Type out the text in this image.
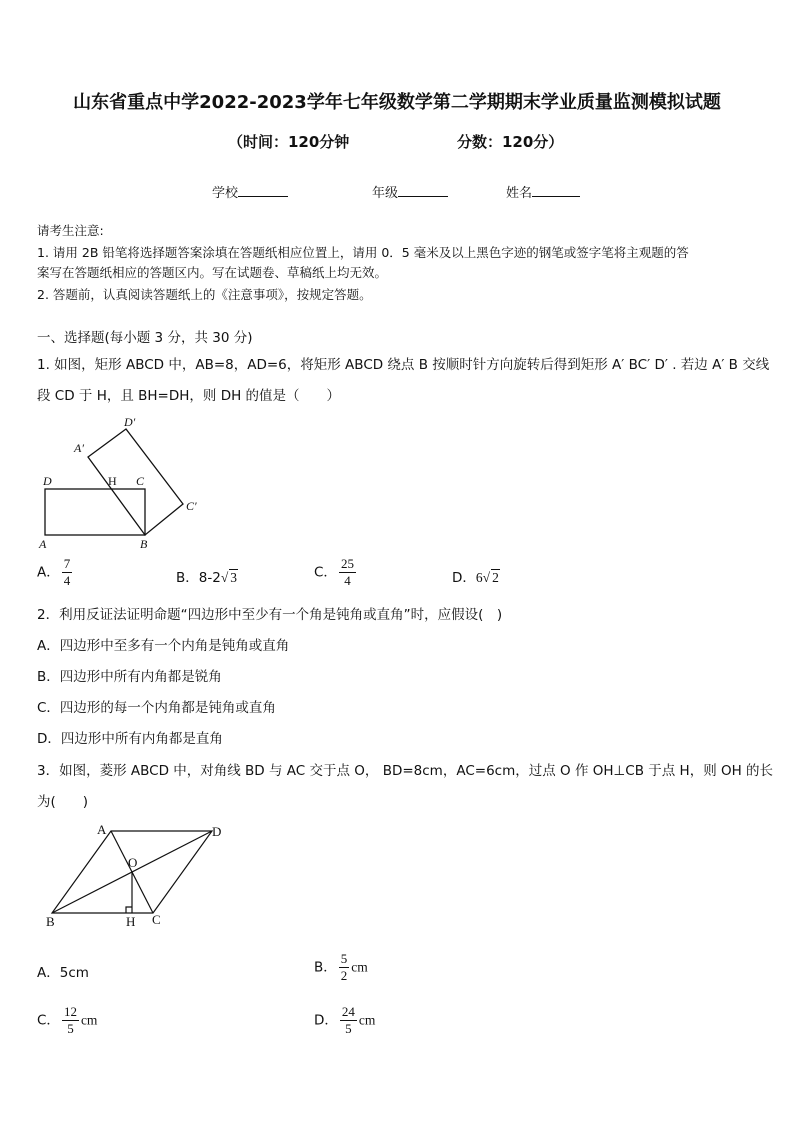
山东省重点中学2022-2023学年七年级数学第二学期期末学业质量监测模拟试题
（时间：120分钟	分数：120分）
学校	年级	姓名
请考生注意:
1. 请用 2B 铅笔将选择题答案涂填在答题纸相应位置上，请用 0．5 毫米及以上黑色字迹的钢笔或签字笔将主观题的答
案写在答题纸相应的答题区内。写在试题卷、草稿纸上均无效。
2. 答题前，认真阅读答题纸上的《注意事项》，按规定答题。
一、选择题(每小题 3 分，共 30 分)
1. 如图，矩形 ABCD 中，AB=8，AD=6，将矩形 ABCD 绕点 B 按顺时针方向旋转后得到矩形 A′ BC′ D′ . 若边 A′ B 交线
段 CD 于 H，且 BH=DH，则 DH 的值是（　　）
D′
A′
D	H C
C′
A	B
A． $\frac{7}{4}$	B．8-2√ 3	C． $\frac{25}{4}$	D．6√ 2
2．利用反证法证明命题“四边形中至少有一个角是钝角或直角”时，应假设(　)
A．四边形中至多有一个内角是钝角或直角
B．四边形中所有内角都是锐角
C．四边形的每一个内角都是钝角或直角
D．四边形中所有内角都是直角
3．如图，菱形 ABCD 中，对角线 BD 与 AC 交于点 O， BD=8cm，AC=6cm，过点 O 作 OH⊥CB 于点 H，则 OH 的长
为(　　)
A	D
O
B	H C
A．5cm	B． $\frac{5}{2}$ cm
C． $\frac{12}{5}$ cm	D． $\frac{24}{5}$ cm
